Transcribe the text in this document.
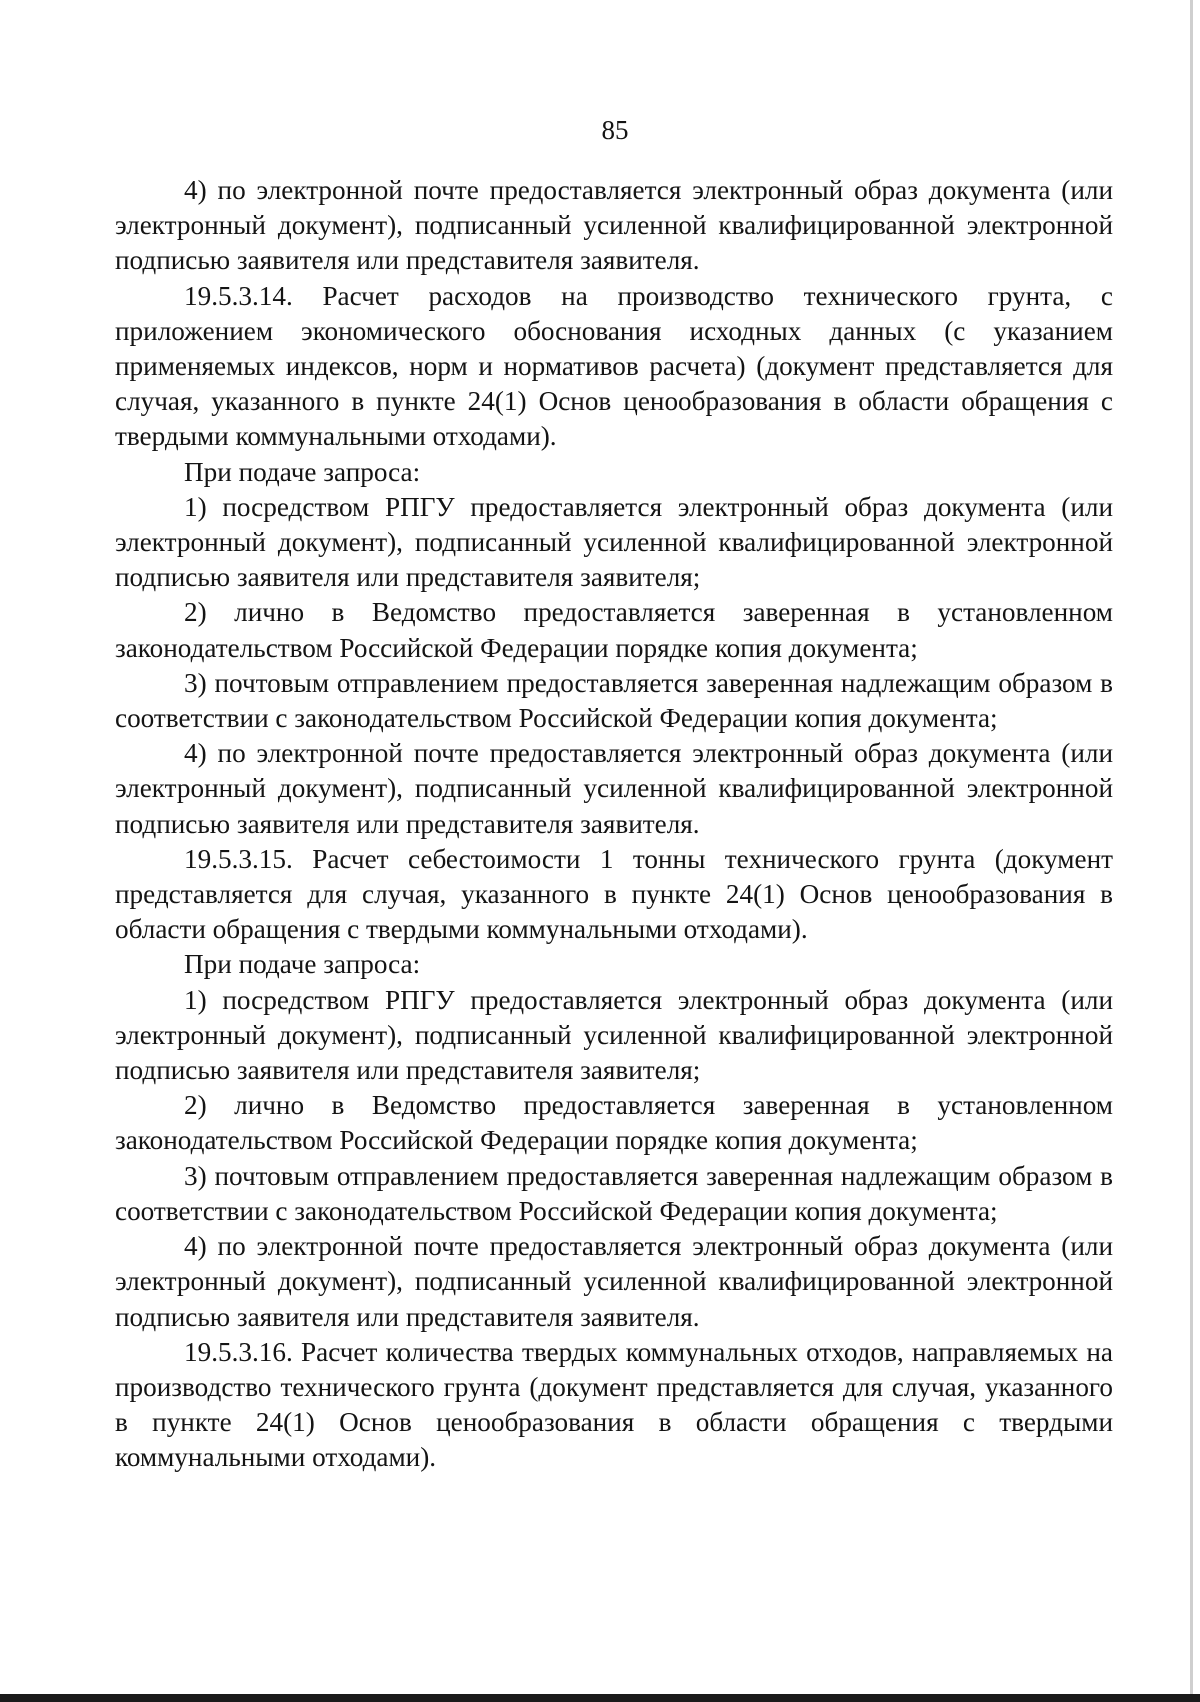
85

4) по электронной почте предоставляется электронный образ документа (или электронный документ), подписанный усиленной квалифицированной электронной подписью заявителя или представителя заявителя.

19.5.3.14. Расчет расходов на производство технического грунта, с приложением экономического обоснования исходных данных (с указанием применяемых индексов, норм и нормативов расчета) (документ представляется для случая, указанного в пункте 24(1) Основ ценообразования в области обращения с твердыми коммунальными отходами).

При подаче запроса:

1) посредством РПГУ предоставляется электронный образ документа (или электронный документ), подписанный усиленной квалифицированной электронной подписью заявителя или представителя заявителя;

2) лично в Ведомство предоставляется заверенная в установленном законодательством Российской Федерации порядке копия документа;

3) почтовым отправлением предоставляется заверенная надлежащим образом в соответствии с законодательством Российской Федерации копия документа;

4) по электронной почте предоставляется электронный образ документа (или электронный документ), подписанный усиленной квалифицированной электронной подписью заявителя или представителя заявителя.

19.5.3.15. Расчет себестоимости 1 тонны технического грунта (документ представляется для случая, указанного в пункте 24(1) Основ ценообразования в области обращения с твердыми коммунальными отходами).

При подаче запроса:

1) посредством РПГУ предоставляется электронный образ документа (или электронный документ), подписанный усиленной квалифицированной электронной подписью заявителя или представителя заявителя;

2) лично в Ведомство предоставляется заверенная в установленном законодательством Российской Федерации порядке копия документа;

3) почтовым отправлением предоставляется заверенная надлежащим образом в соответствии с законодательством Российской Федерации копия документа;

4) по электронной почте предоставляется электронный образ документа (или электронный документ), подписанный усиленной квалифицированной электронной подписью заявителя или представителя заявителя.

19.5.3.16. Расчет количества твердых коммунальных отходов, направляемых на производство технического грунта (документ представляется для случая, указанного в пункте 24(1) Основ ценообразования в области обращения с твердыми коммунальными отходами).
